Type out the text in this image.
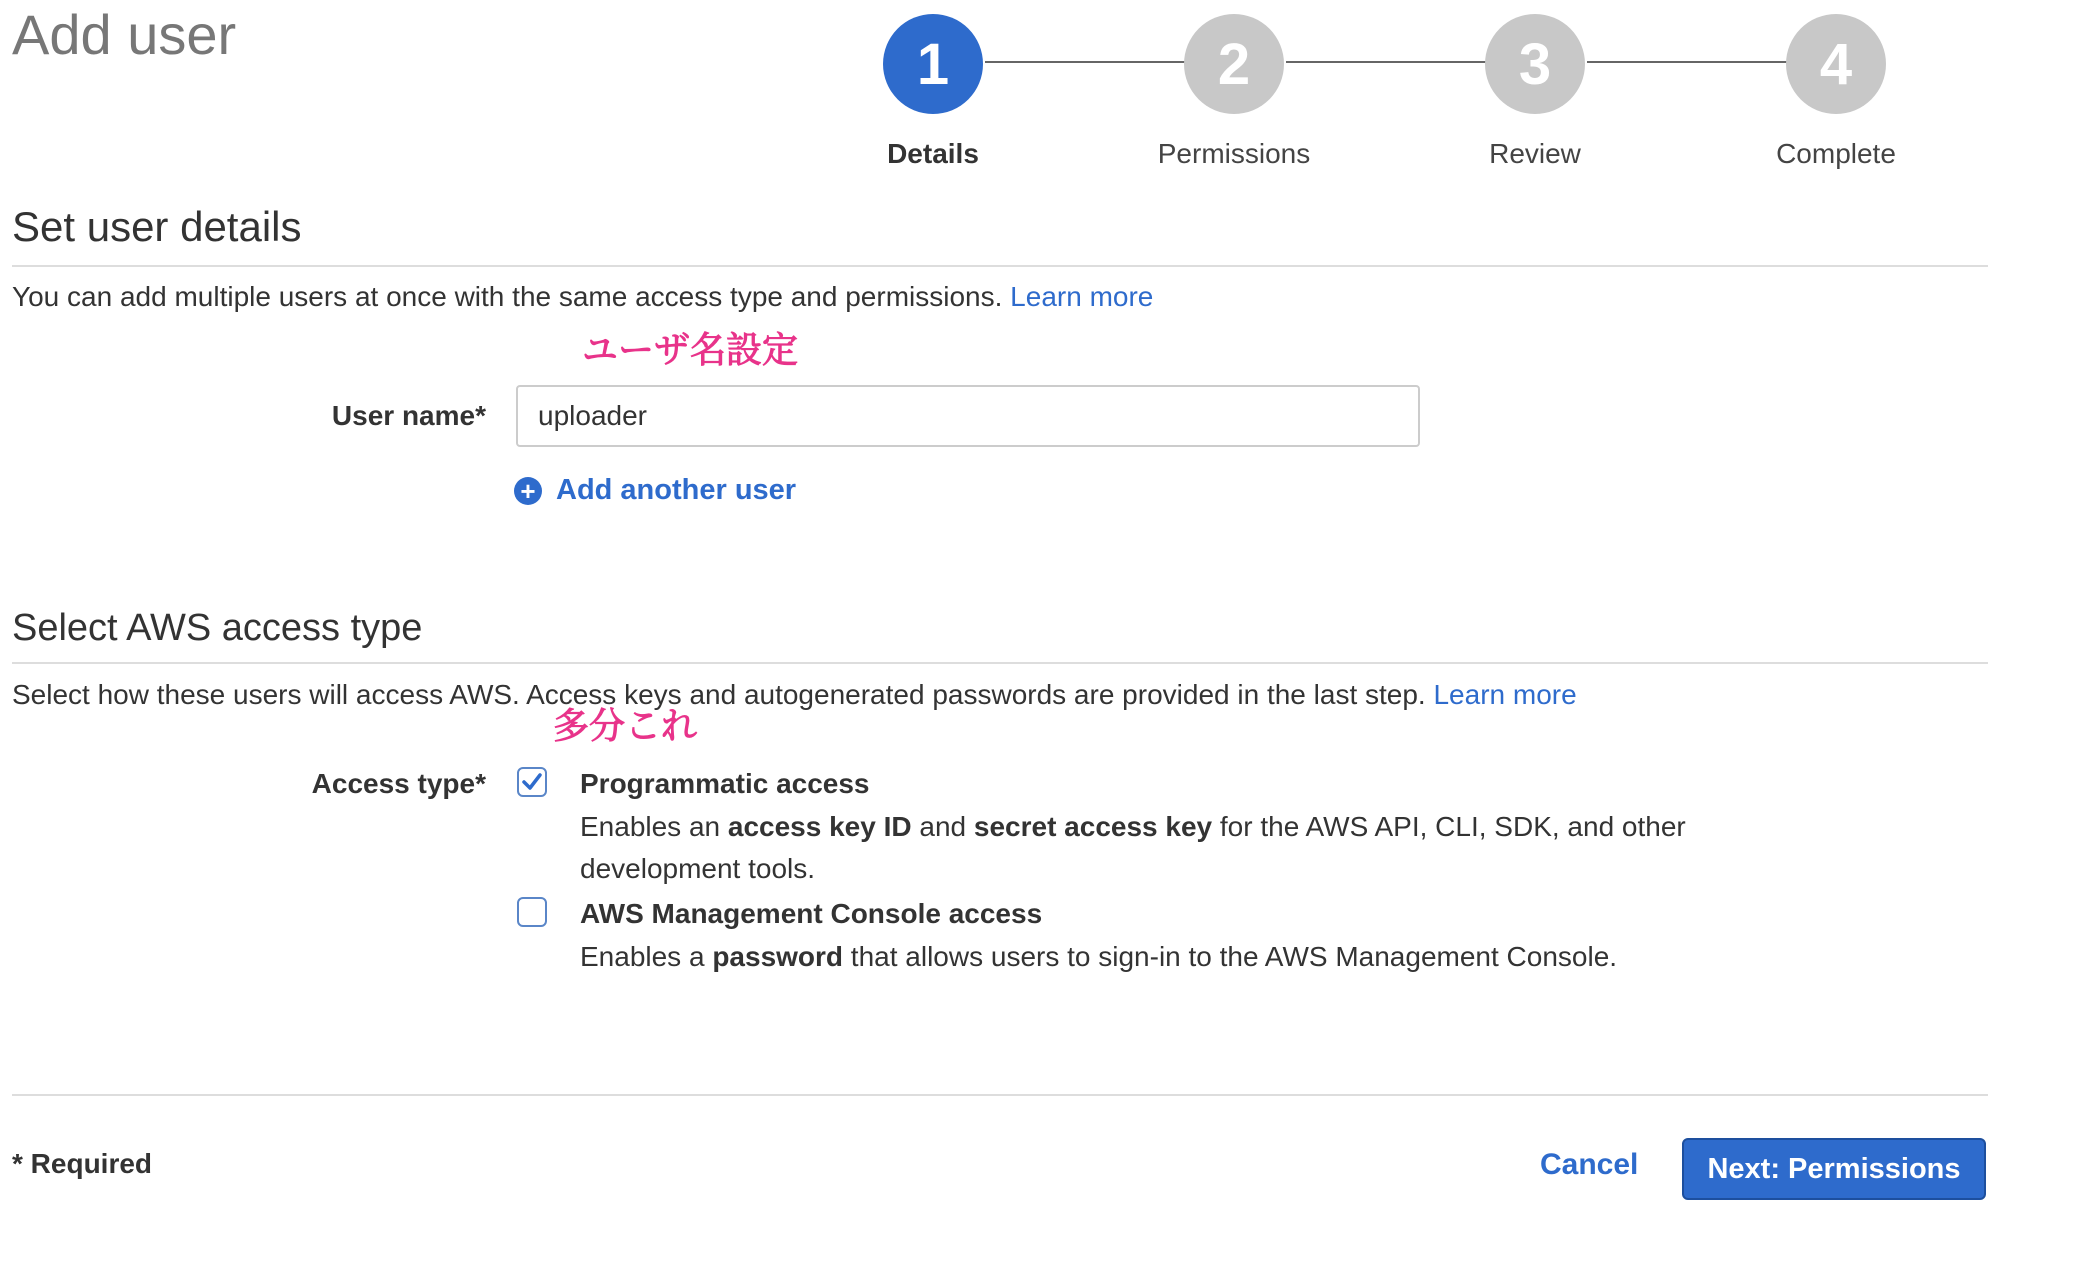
Add user	1	2	3	4
Details	Permissions	Review	Complete
Set user details
You can add multiple users at once with the same access type and permissions. Learn more
ユーザ名設定
User name*
uploader
+ Add another user
Select AWS access type
Select how these users will access AWS. Access keys and autogenerated passwords are provided in the last step. Learn more
多分これ
Access type*	Programmatic access
Enables an access key ID and secret access key for the AWS API, CLI, SDK, and other development tools.
AWS Management Console access
Enables a password that allows users to sign-in to the AWS Management Console.
* Required	Cancel	Next: Permissions
